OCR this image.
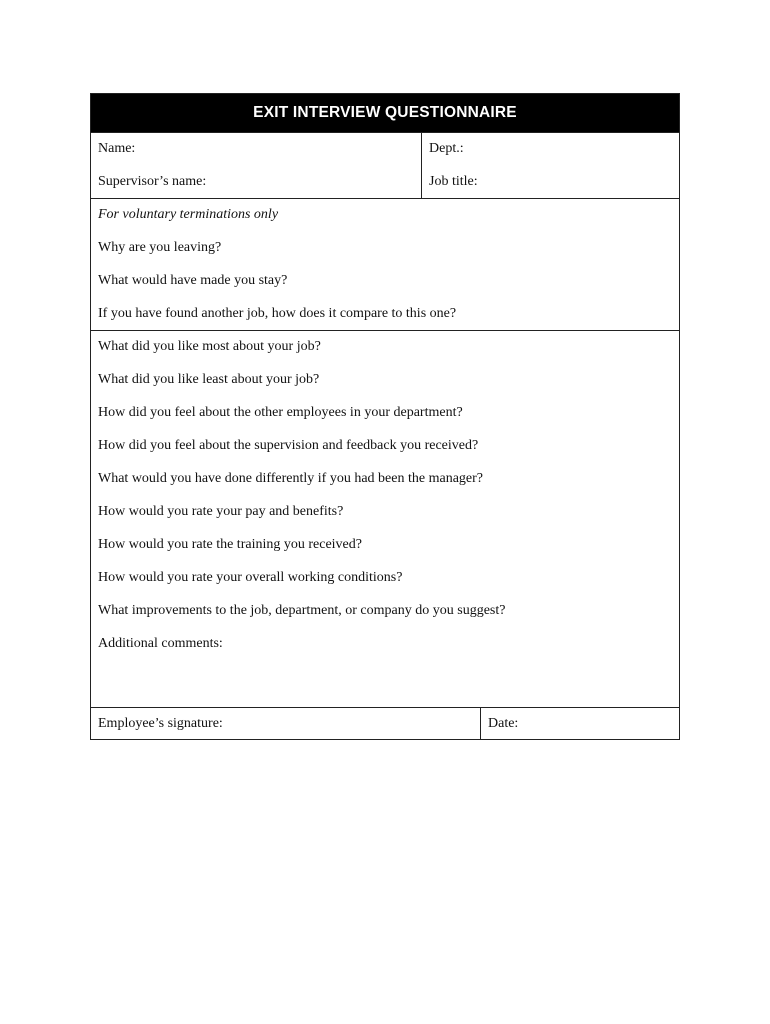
EXIT INTERVIEW QUESTIONNAIRE
Name:
Supervisor’s name:
Dept.:
Job title:
For voluntary terminations only
Why are you leaving?
What would have made you stay?
If you have found another job, how does it compare to this one?
What did you like most about your job?
What did you like least about your job?
How did you feel about the other employees in your department?
How did you feel about the supervision and feedback you received?
What would you have done differently if you had been the manager?
How would you rate your pay and benefits?
How would you rate the training you received?
How would you rate your overall working conditions?
What improvements to the job, department, or company do you suggest?
Additional comments:
Employee’s signature:	Date:
